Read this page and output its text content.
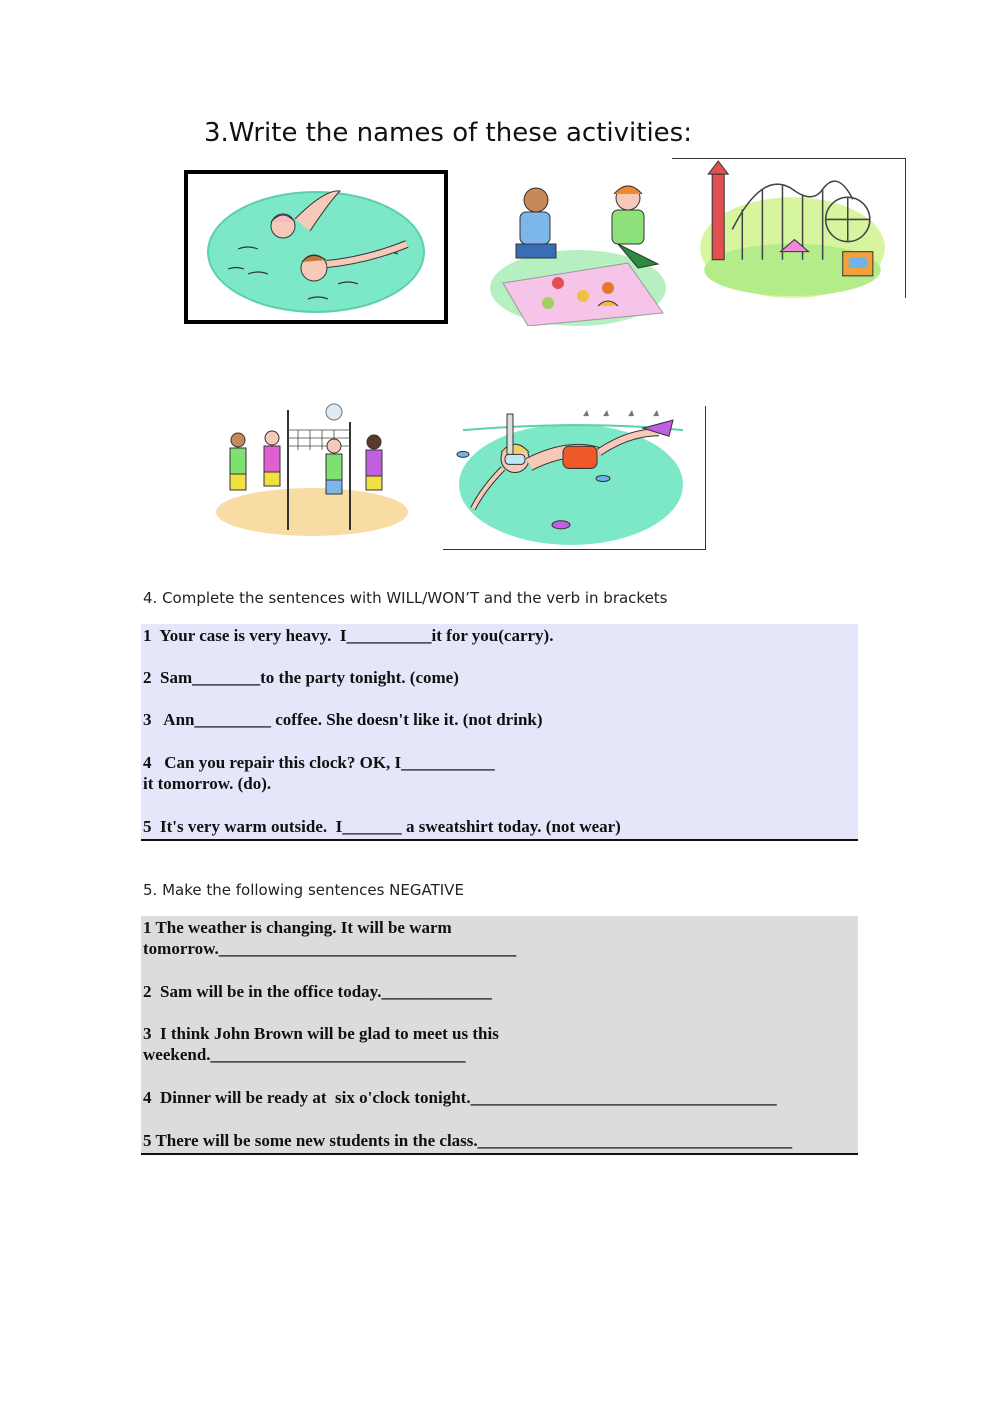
3.Write the names of these activities:
4. Complete the sentences with WILL/WON’T and the verb in brackets
1  Your case is very heavy.  I__________it for you(carry).
2  Sam________to the party tonight. (come)
3   Ann_________ coffee. She doesn't like it. (not drink)
4   Can you repair this clock? OK, I___________
it tomorrow. (do).
5  It's very warm outside.  I_______ a sweatshirt today. (not wear)
5. Make the following sentences NEGATIVE
1 The weather is changing. It will be warm
tomorrow.___________________________________
2  Sam will be in the office today._____________
3  I think John Brown will be glad to meet us this
weekend.______________________________
4  Dinner will be ready at  six o'clock tonight.____________________________________
5 There will be some new students in the class._____________________________________
